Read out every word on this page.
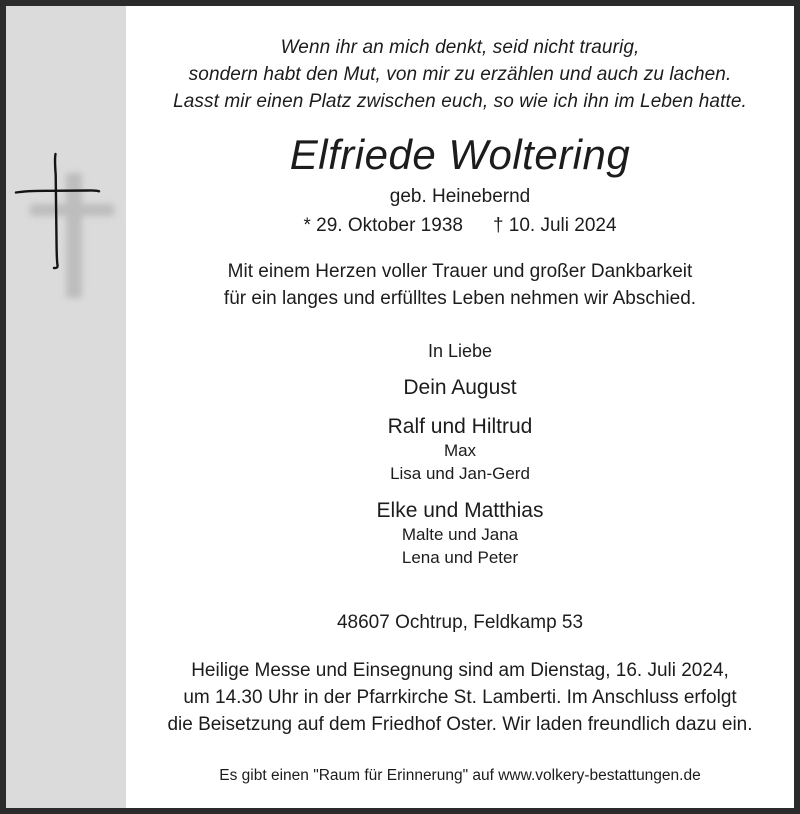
Wenn ihr an mich denkt, seid nicht traurig,
sondern habt den Mut, von mir zu erzählen und auch zu lachen.
Lasst mir einen Platz zwischen euch, so wie ich ihn im Leben hatte.
Elfriede Woltering
geb. Heinebernd
* 29. Oktober 1938 † 10. Juli 2024
Mit einem Herzen voller Trauer und großer Dankbarkeit
für ein langes und erfülltes Leben nehmen wir Abschied.
In Liebe
Dein August
Ralf und Hiltrud
Max
Lisa und Jan-Gerd
Elke und Matthias
Malte und Jana
Lena und Peter
48607 Ochtrup, Feldkamp 53
Heilige Messe und Einsegnung sind am Dienstag, 16. Juli 2024,
um 14.30 Uhr in der Pfarrkirche St. Lamberti. Im Anschluss erfolgt
die Beisetzung auf dem Friedhof Oster. Wir laden freundlich dazu ein.
Es gibt einen "Raum für Erinnerung" auf www.volkery-bestattungen.de
